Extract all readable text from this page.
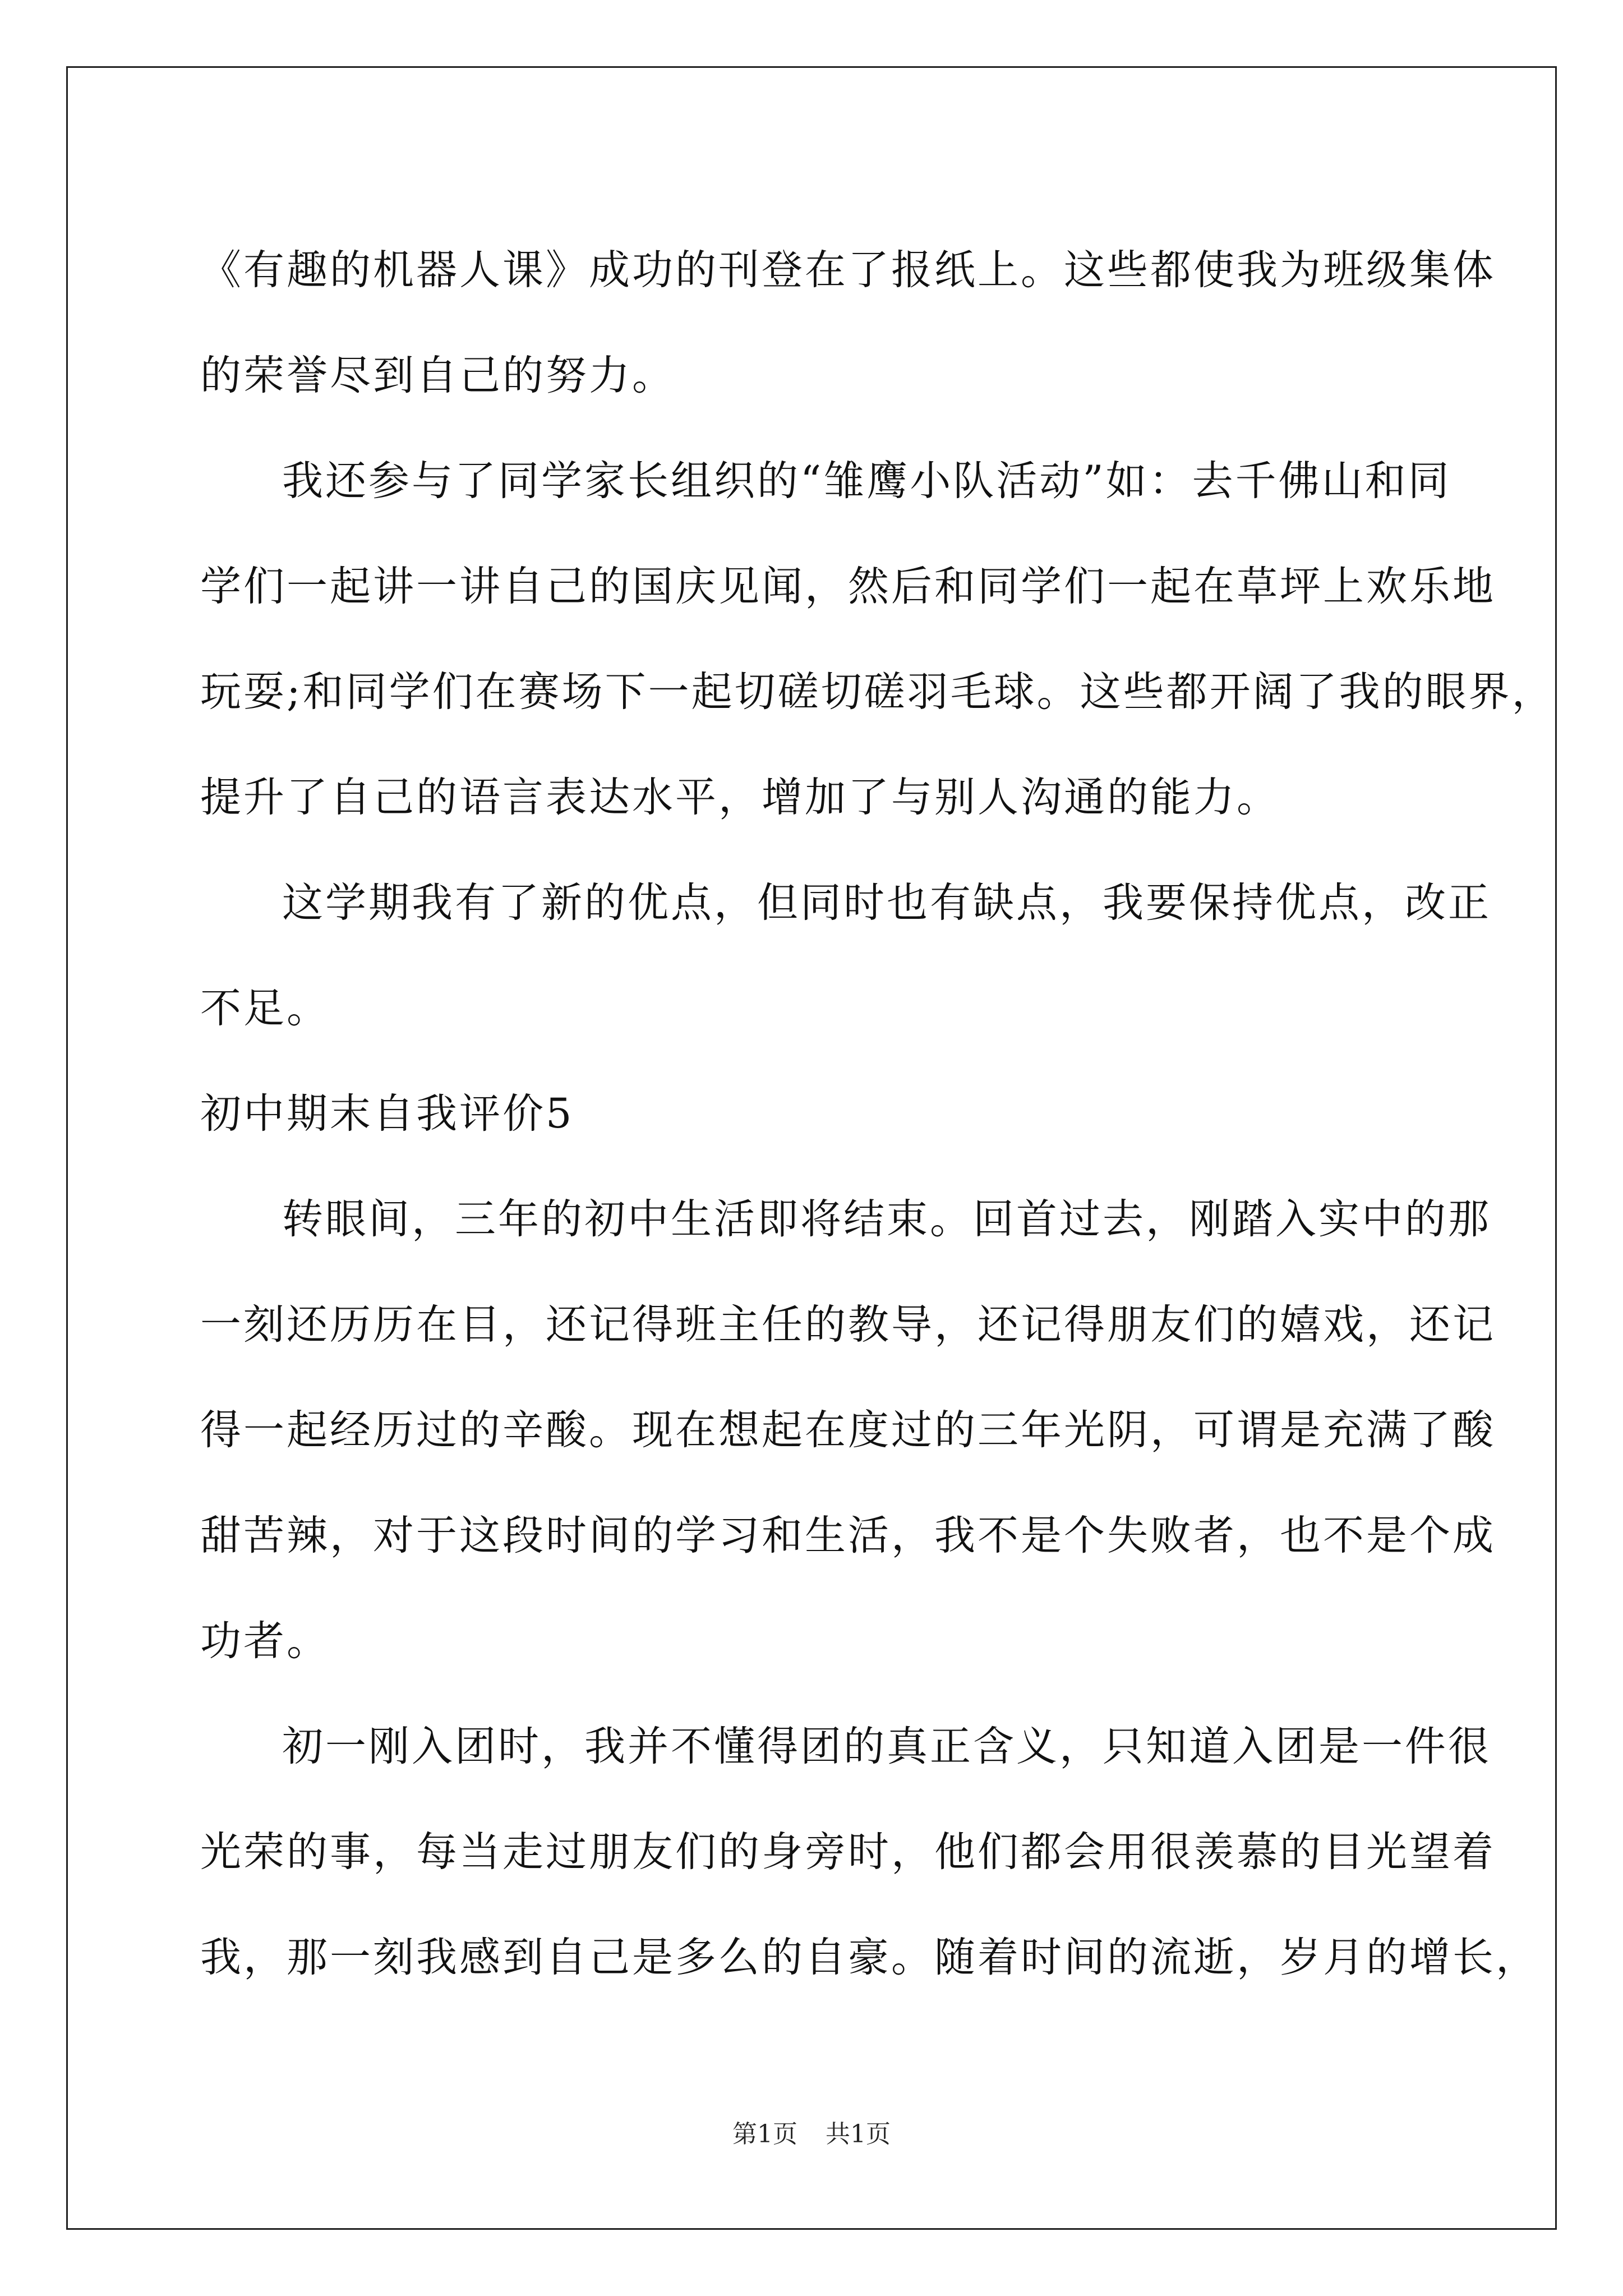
《有趣的机器人课》成功的刊登在了报纸上。这些都使我为班级集体
的荣誉尽到自己的努力。
我还参与了同学家长组织的“雏鹰小队活动”如：去千佛山和同
学们一起讲一讲自己的国庆见闻，然后和同学们一起在草坪上欢乐地
玩耍;和同学们在赛场下一起切磋切磋羽毛球。这些都开阔了我的眼界，
提升了自己的语言表达水平，增加了与别人沟通的能力。
这学期我有了新的优点，但同时也有缺点，我要保持优点，改正
不足。
初中期末自我评价5
转眼间，三年的初中生活即将结束。回首过去，刚踏入实中的那
一刻还历历在目，还记得班主任的教导，还记得朋友们的嬉戏，还记
得一起经历过的辛酸。现在想起在度过的三年光阴，可谓是充满了酸
甜苦辣，对于这段时间的学习和生活，我不是个失败者，也不是个成
功者。
初一刚入团时，我并不懂得团的真正含义，只知道入团是一件很
光荣的事，每当走过朋友们的身旁时，他们都会用很羡慕的目光望着
我，那一刻我感到自己是多么的自豪。随着时间的流逝，岁月的增长，
第1页 共1页
